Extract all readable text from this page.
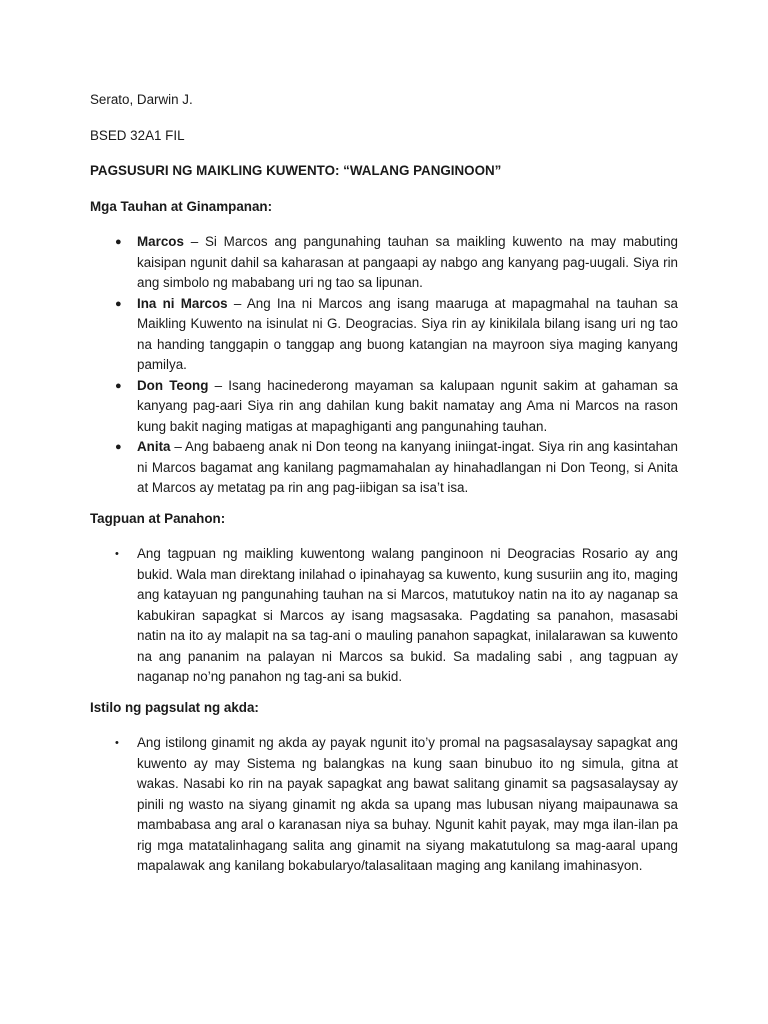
Serato, Darwin J.

BSED 32A1 FIL

PAGSUSURI NG MAIKLING KUWENTO: “WALANG PANGINOON”

Mga Tauhan at Ginampanan:

● Marcos – Si Marcos ang pangunahing tauhan sa maikling kuwento na may mabuting kaisipan ngunit dahil sa kaharasan at pangaapi ay nabgo ang kanyang pag-uugali. Siya rin ang simbolo ng mababang uri ng tao sa lipunan.
● Ina ni Marcos – Ang Ina ni Marcos ang isang maaruga at mapagmahal na tauhan sa Maikling Kuwento na isinulat ni G. Deogracias. Siya rin ay kinikilala bilang isang uri ng tao na handing tanggapin o tanggap ang buong katangian na mayroon siya maging kanyang pamilya.
● Don Teong – Isang hacinederong mayaman sa kalupaan ngunit sakim at gahaman sa kanyang pag-aari Siya rin ang dahilan kung bakit namatay ang Ama ni Marcos na rason kung bakit naging matigas at mapaghiganti ang pangunahing tauhan.
● Anita – Ang babaeng anak ni Don teong na kanyang iniingat-ingat. Siya rin ang kasintahan ni Marcos bagamat ang kanilang pagmamahalan ay hinahadlangan ni Don Teong, si Anita at Marcos ay metatag pa rin ang pag-iibigan sa isa’t isa.

Tagpuan at Panahon:

• Ang tagpuan ng maikling kuwentong walang panginoon ni Deogracias Rosario ay ang bukid. Wala man direktang inilahad o ipinahayag sa kuwento, kung susuriin ang ito, maging ang katayuan ng pangunahing tauhan na si Marcos, matutukoy natin na ito ay naganap sa kabukiran sapagkat si Marcos ay isang magsasaka. Pagdating sa panahon, masasabi natin na ito ay malapit na sa tag-ani o mauling panahon sapagkat, inilalarawan sa kuwento na ang pananim na palayan ni Marcos sa bukid. Sa madaling sabi , ang tagpuan ay naganap no’ng panahon ng tag-ani sa bukid.

Istilo ng pagsulat ng akda:

• Ang istilong ginamit ng akda ay payak ngunit ito’y promal na pagsasalaysay sapagkat ang kuwento ay may Sistema ng balangkas na kung saan binubuo ito ng simula, gitna at wakas. Nasabi ko rin na payak sapagkat ang bawat salitang ginamit sa pagsasalaysay ay pinili ng wasto na siyang ginamit ng akda sa upang mas lubusan niyang maipaunawa sa mambabasa ang aral o karanasan niya sa buhay. Ngunit kahit payak, may mga ilan-ilan pa rig mga matatalinhagang salita ang ginamit na siyang makatutulong sa mag-aaral upang mapalawak ang kanilang bokabularyo/talasalitaan maging ang kanilang imahinasyon.
